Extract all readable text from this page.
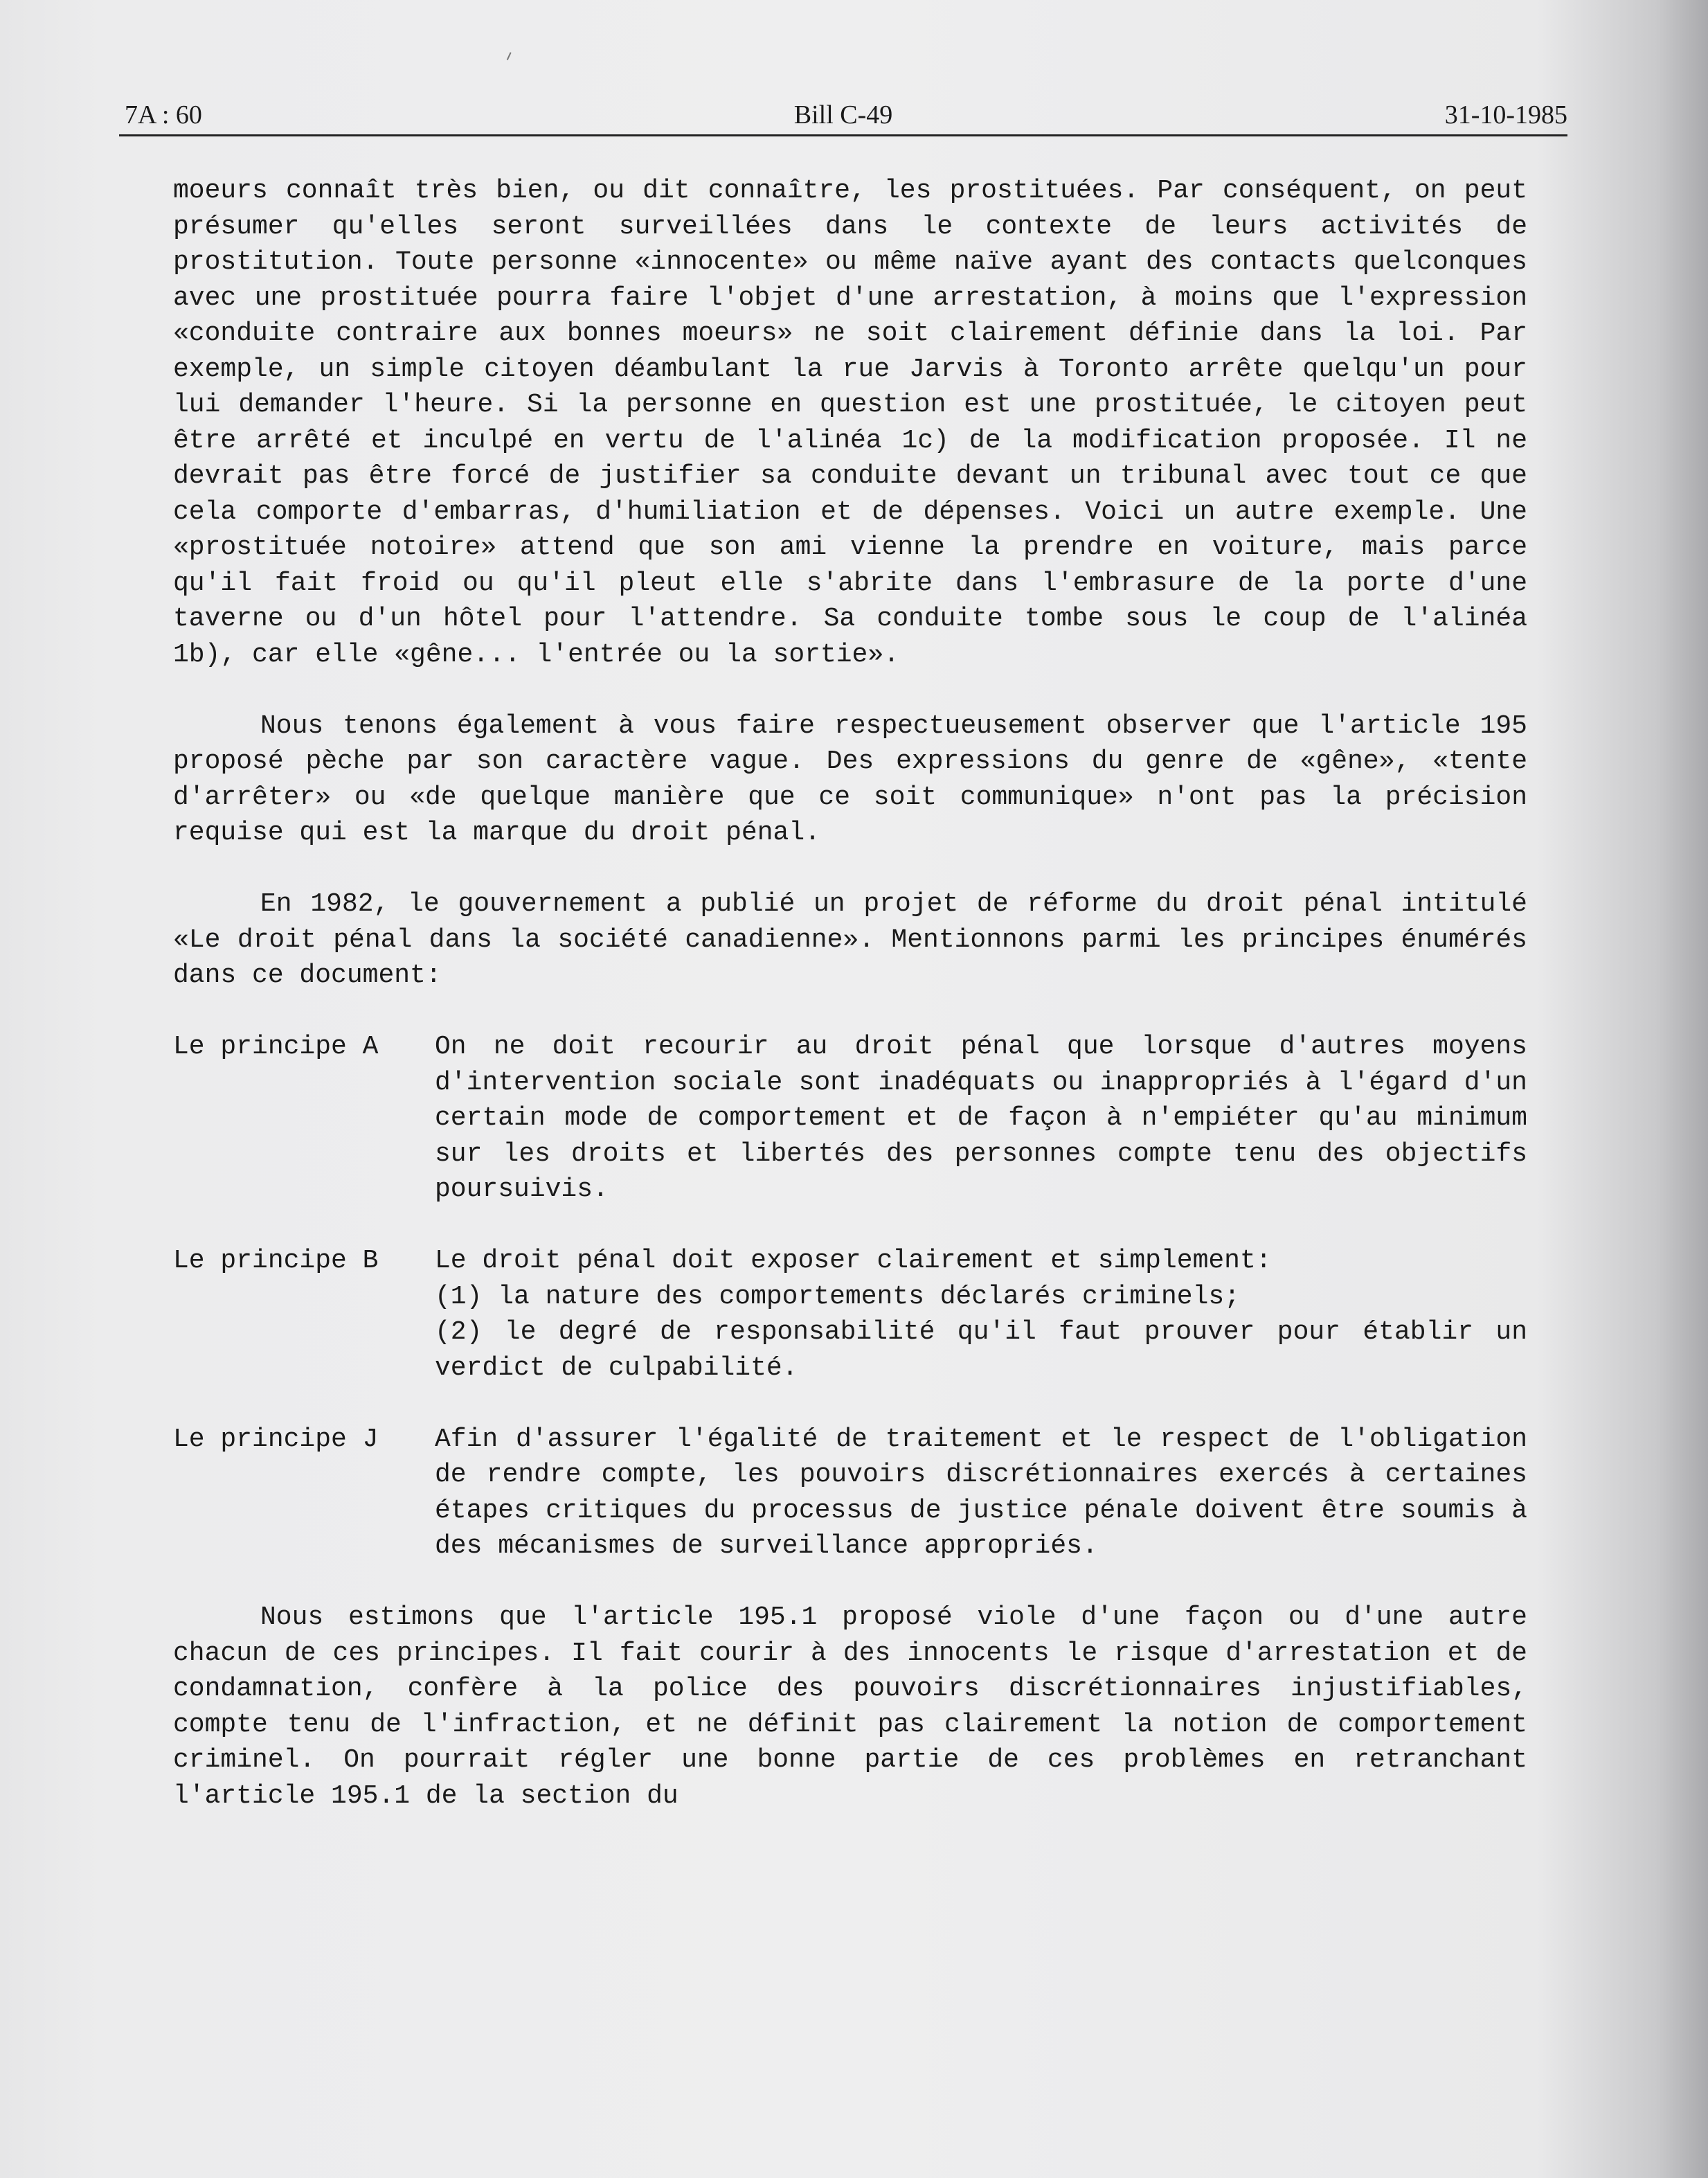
7A : 60	Bill C-49	31-10-1985

moeurs connaît très bien, ou dit connaître, les prostituées. Par conséquent, on peut présumer qu'elles seront surveillées dans le contexte de leurs activités de prostitution. Toute personne «innocente» ou même naïve ayant des contacts quelconques avec une prostituée pourra faire l'objet d'une arrestation, à moins que l'expression «conduite contraire aux bonnes moeurs» ne soit clairement définie dans la loi. Par exemple, un simple citoyen déambulant la rue Jarvis à Toronto arrête quelqu'un pour lui demander l'heure. Si la personne en question est une prostituée, le citoyen peut être arrêté et inculpé en vertu de l'alinéa 1c) de la modification proposée. Il ne devrait pas être forcé de justifier sa conduite devant un tribunal avec tout ce que cela comporte d'embarras, d'humiliation et de dépenses. Voici un autre exemple. Une «prostituée notoire» attend que son ami vienne la prendre en voiture, mais parce qu'il fait froid ou qu'il pleut elle s'abrite dans l'embrasure de la porte d'une taverne ou d'un hôtel pour l'attendre. Sa conduite tombe sous le coup de l'alinéa 1b), car elle «gêne... l'entrée ou la sortie».

Nous tenons également à vous faire respectueusement observer que l'article 195 proposé pèche par son caractère vague. Des expressions du genre de «gêne», «tente d'arrêter» ou «de quelque manière que ce soit communique» n'ont pas la précision requise qui est la marque du droit pénal.

En 1982, le gouvernement a publié un projet de réforme du droit pénal intitulé «Le droit pénal dans la société canadienne». Mentionnons parmi les principes énumérés dans ce document:

Le principe A	On ne doit recourir au droit pénal que lorsque d'autres moyens d'intervention sociale sont inadéquats ou inappropriés à l'égard d'un certain mode de comportement et de façon à n'empiéter qu'au minimum sur les droits et libertés des personnes compte tenu des objectifs poursuivis.
Le principe B	Le droit pénal doit exposer clairement et simplement:
(1) la nature des comportements déclarés criminels;
(2) le degré de responsabilité qu'il faut prouver pour établir un verdict de culpabilité.
Le principe J	Afin d'assurer l'égalité de traitement et le respect de l'obligation de rendre compte, les pouvoirs discrétionnaires exercés à certaines étapes critiques du processus de justice pénale doivent être soumis à des mécanismes de surveillance appropriés.

Nous estimons que l'article 195.1 proposé viole d'une façon ou d'une autre chacun de ces principes. Il fait courir à des innocents le risque d'arrestation et de condamnation, confère à la police des pouvoirs discrétionnaires injustifiables, compte tenu de l'infraction, et ne définit pas clairement la notion de comportement criminel. On pourrait régler une bonne partie de ces problèmes en retranchant l'article 195.1 de la section du
